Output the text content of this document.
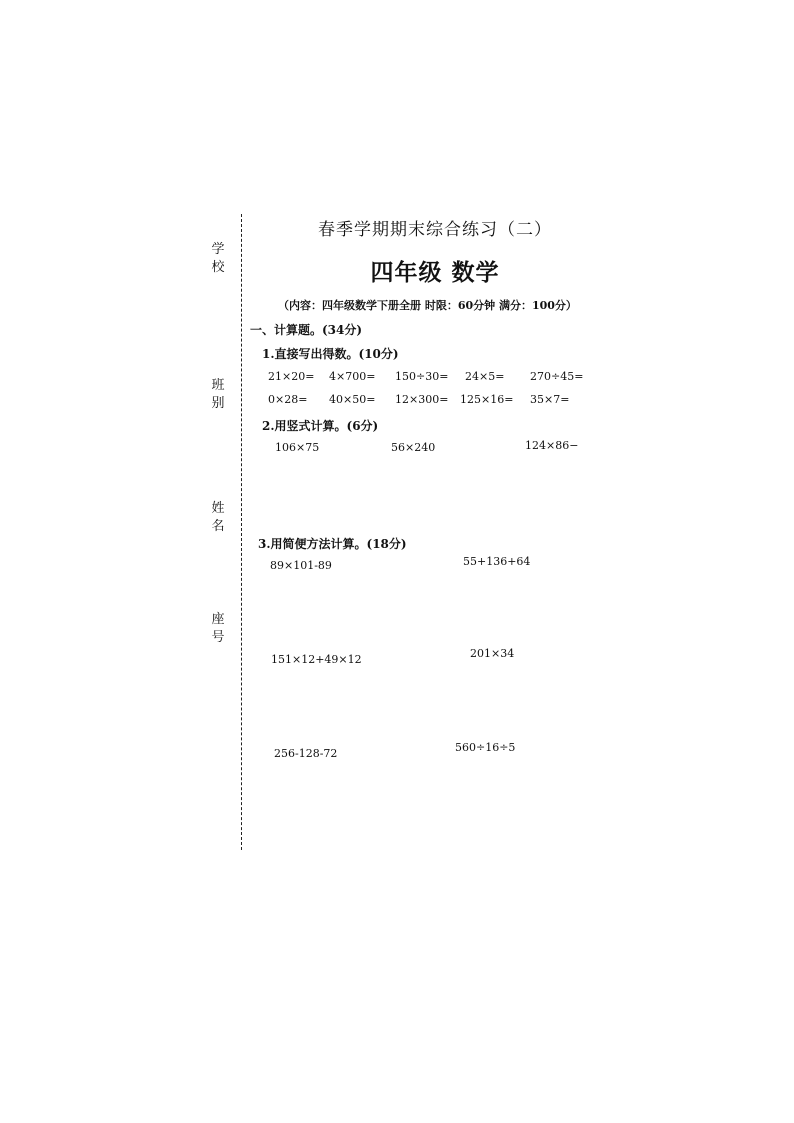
学
校
班
别
姓
名
座
号
春季学期期末综合练习（二）
四年级 数学
（内容：四年级数学下册全册 时限：60分钟 满分：100分）
一、计算题。(34分)
1.直接写出得数。(10分)
21×20= 4×700= 150÷30= 24×5= 270÷45=
0×28= 40×50= 12×300= 125×16= 35×7=
2.用竖式计算。(6分)
106×75	56×240	124×86−
3.用简便方法计算。(18分)
89×101-89	55+136+64
151×12+49×12	201×34
256-128-72	560÷16÷5
